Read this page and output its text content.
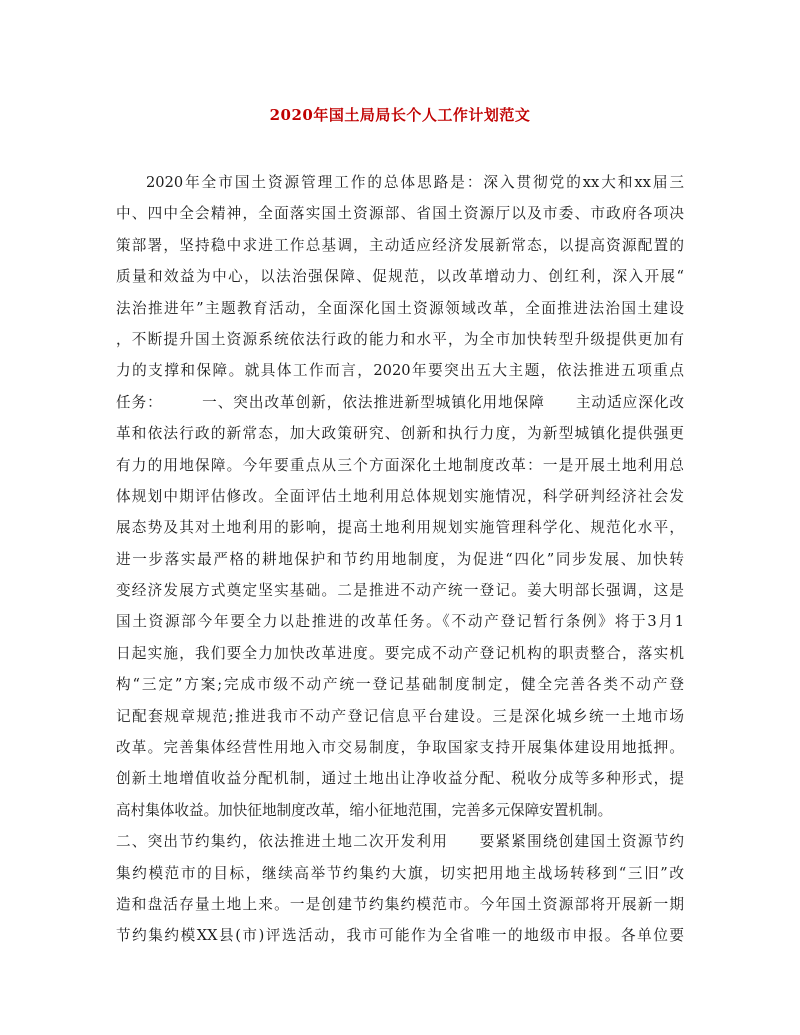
2020年国土局局长个人工作计划范文
2020年全市国土资源管理工作的总体思路是：深入贯彻党的xx大和xx届三
中、四中全会精神，全面落实国土资源部、省国土资源厅以及市委、市政府各项决
策部署，坚持稳中求进工作总基调，主动适应经济发展新常态，以提高资源配置的
质量和效益为中心，以法治强保障、促规范，以改革增动力、创红利，深入开展“
法治推进年”主题教育活动，全面深化国土资源领域改革，全面推进法治国土建设
，不断提升国土资源系统依法行政的能力和水平，为全市加快转型升级提供更加有
力的支撑和保障。就具体工作而言，2020年要突出五大主题，依法推进五项重点
任务：　　　一、突出改革创新，依法推进新型城镇化用地保障　　主动适应深化改
革和依法行政的新常态，加大政策研究、创新和执行力度，为新型城镇化提供强更
有力的用地保障。今年要重点从三个方面深化土地制度改革：一是开展土地利用总
体规划中期评估修改。全面评估土地利用总体规划实施情况，科学研判经济社会发
展态势及其对土地利用的影响，提高土地利用规划实施管理科学化、规范化水平，
进一步落实最严格的耕地保护和节约用地制度，为促进“四化”同步发展、加快转
变经济发展方式奠定坚实基础。二是推进不动产统一登记。姜大明部长强调，这是
国土资源部今年要全力以赴推进的改革任务。《不动产登记暂行条例》将于3月1
日起实施，我们要全力加快改革进度。要完成不动产登记机构的职责整合，落实机
构“三定”方案;完成市级不动产统一登记基础制度制定，健全完善各类不动产登
记配套规章规范;推进我市不动产登记信息平台建设。三是深化城乡统一土地市场
改革。完善集体经营性用地入市交易制度，争取国家支持开展集体建设用地抵押。
创新土地增值收益分配机制，通过土地出让净收益分配、税收分成等多种形式，提
高村集体收益。加快征地制度改革，缩小征地范围，完善多元保障安置机制。
二、突出节约集约，依法推进土地二次开发利用　　要紧紧围绕创建国土资源节约
集约模范市的目标，继续高举节约集约大旗，切实把用地主战场转移到“三旧”改
造和盘活存量土地上来。一是创建节约集约模范市。今年国土资源部将开展新一期
节约集约模XX县(市)评选活动，我市可能作为全省唯一的地级市申报。各单位要
